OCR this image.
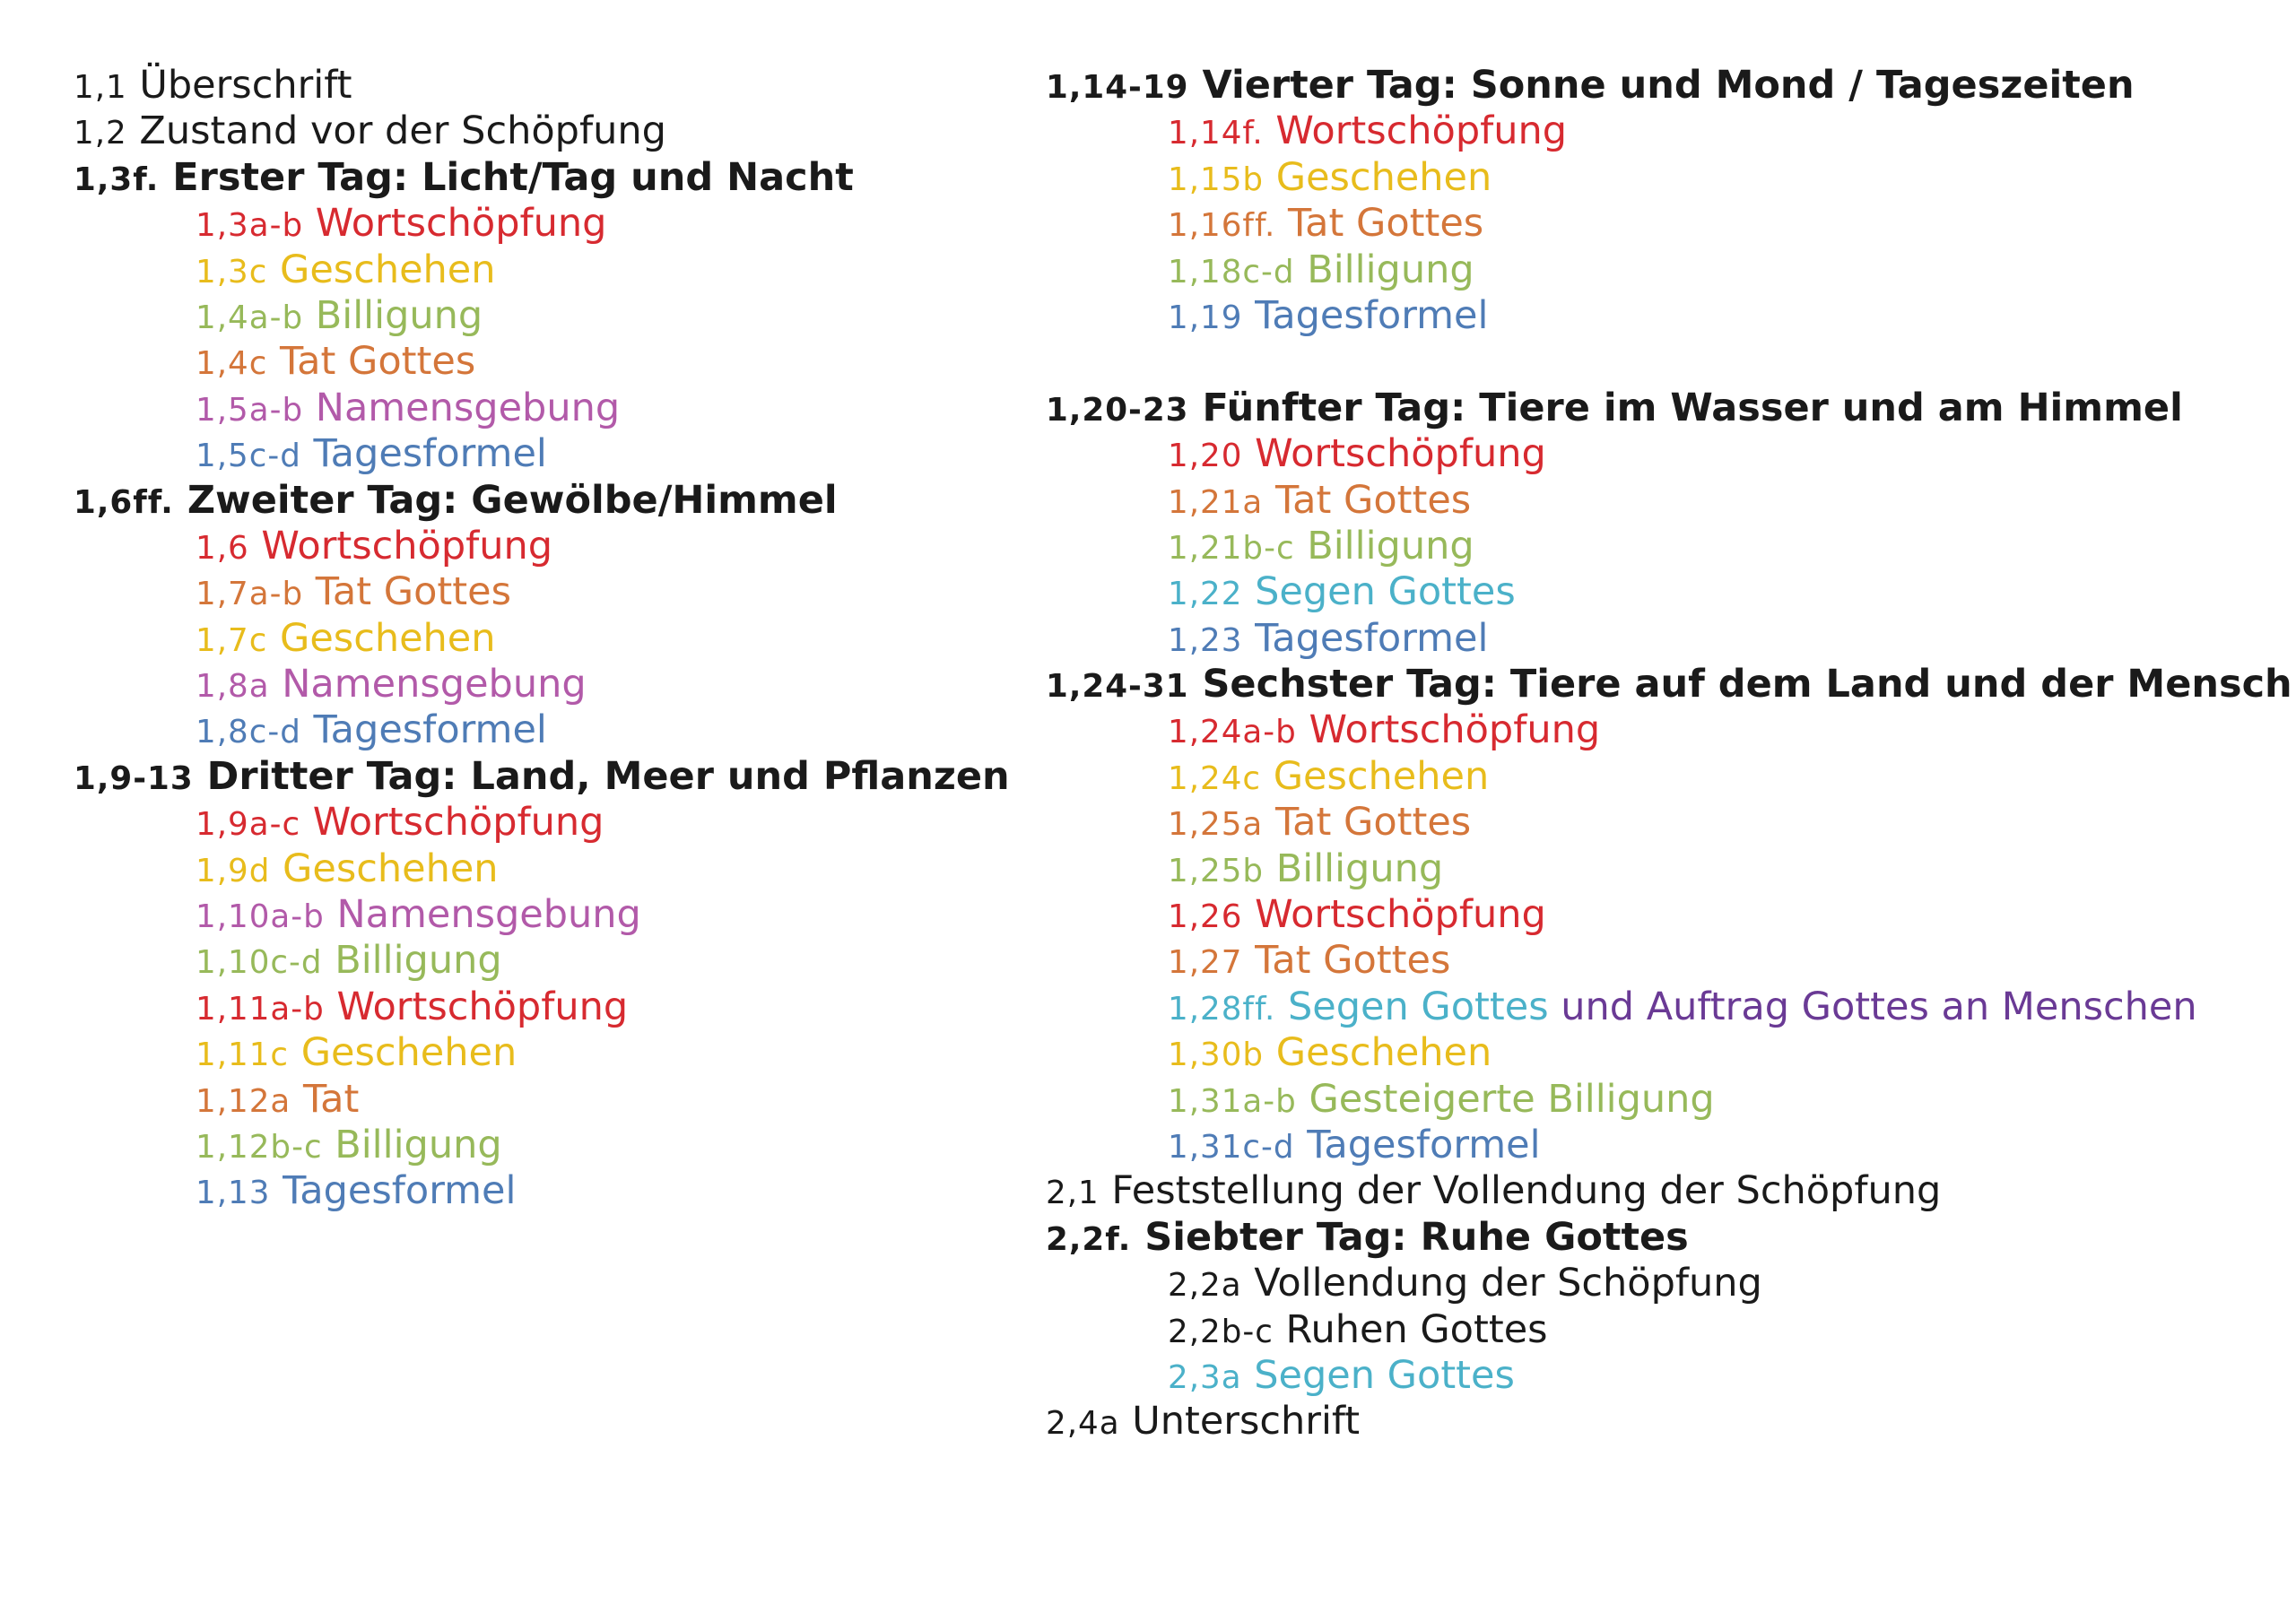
1,1 Überschrift
1,2 Zustand vor der Schöpfung
1,3f. Erster Tag: Licht/Tag und Nacht
1,3a-b Wortschöpfung
1,3c Geschehen
1,4a-b Billigung
1,4c Tat Gottes
1,5a-b Namensgebung
1,5c-d Tagesformel
1,6ff. Zweiter Tag: Gewölbe/Himmel
1,6 Wortschöpfung
1,7a-b Tat Gottes
1,7c Geschehen
1,8a Namensgebung
1,8c-d Tagesformel
1,9-13 Dritter Tag: Land, Meer und Pflanzen
1,9a-c Wortschöpfung
1,9d Geschehen
1,10a-b Namensgebung
1,10c-d Billigung
1,11a-b Wortschöpfung
1,11c Geschehen
1,12a Tat
1,12b-c Billigung
1,13 Tagesformel
1,14-19 Vierter Tag: Sonne und Mond / Tageszeiten
1,14f. Wortschöpfung
1,15b Geschehen
1,16ff. Tat Gottes
1,18c-d Billigung
1,19 Tagesformel
1,20-23 Fünfter Tag: Tiere im Wasser und am Himmel
1,20 Wortschöpfung
1,21a Tat Gottes
1,21b-c Billigung
1,22 Segen Gottes
1,23 Tagesformel
1,24-31 Sechster Tag: Tiere auf dem Land und der Mensch
1,24a-b Wortschöpfung
1,24c Geschehen
1,25a Tat Gottes
1,25b Billigung
1,26 Wortschöpfung
1,27 Tat Gottes
1,28ff. Segen Gottes und Auftrag Gottes an Menschen
1,30b Geschehen
1,31a-b Gesteigerte Billigung
1,31c-d Tagesformel
2,1 Feststellung der Vollendung der Schöpfung
2,2f. Siebter Tag: Ruhe Gottes
2,2a Vollendung der Schöpfung
2,2b-c Ruhen Gottes
2,3a Segen Gottes
2,4a Unterschrift
